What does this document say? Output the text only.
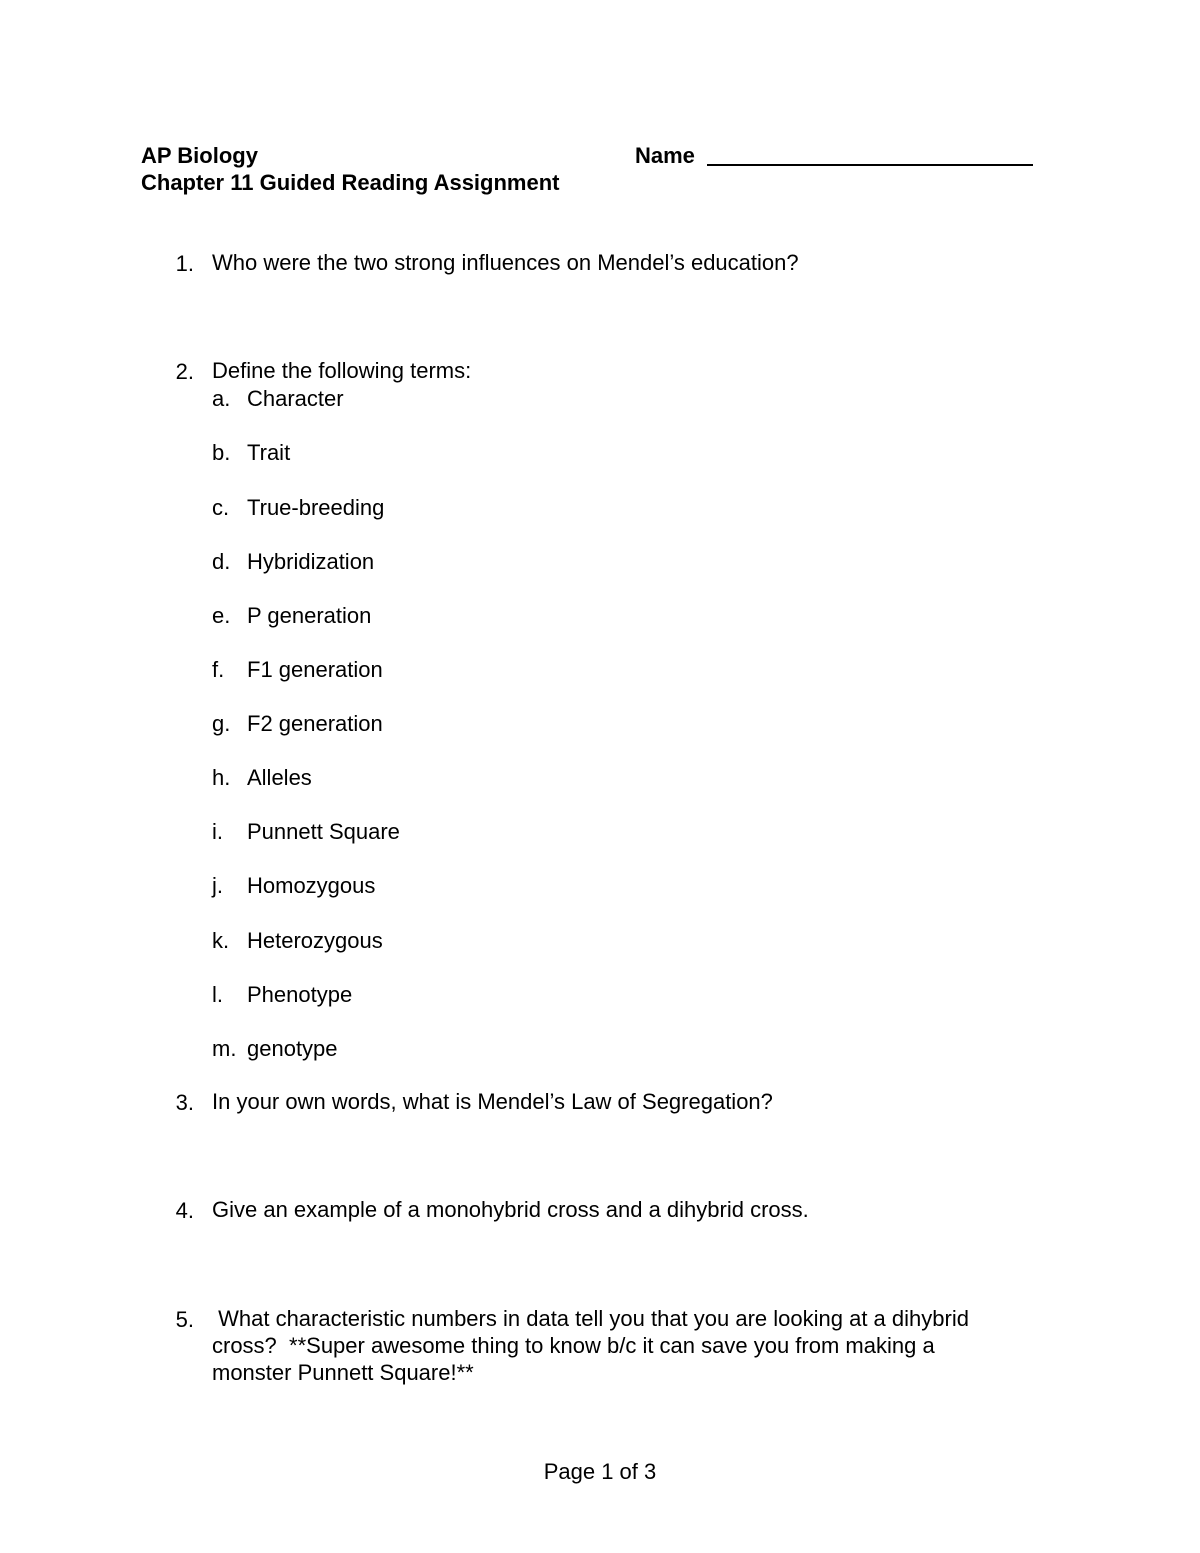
AP Biology
Chapter 11 Guided Reading Assignment
Name
1. Who were the two strong influences on Mendel’s education?
2. Define the following terms:
a. Character
b. Trait
c. True-breeding
d. Hybridization
e. P generation
f. F1 generation
g. F2 generation
h. Alleles
i. Punnett Square
j. Homozygous
k. Heterozygous
l. Phenotype
m. genotype
3. In your own words, what is Mendel’s Law of Segregation?
4. Give an example of a monohybrid cross and a dihybrid cross.
5. What characteristic numbers in data tell you that you are looking at a dihybrid
cross?  **Super awesome thing to know b/c it can save you from making a
monster Punnett Square!**
Page 1 of 3
